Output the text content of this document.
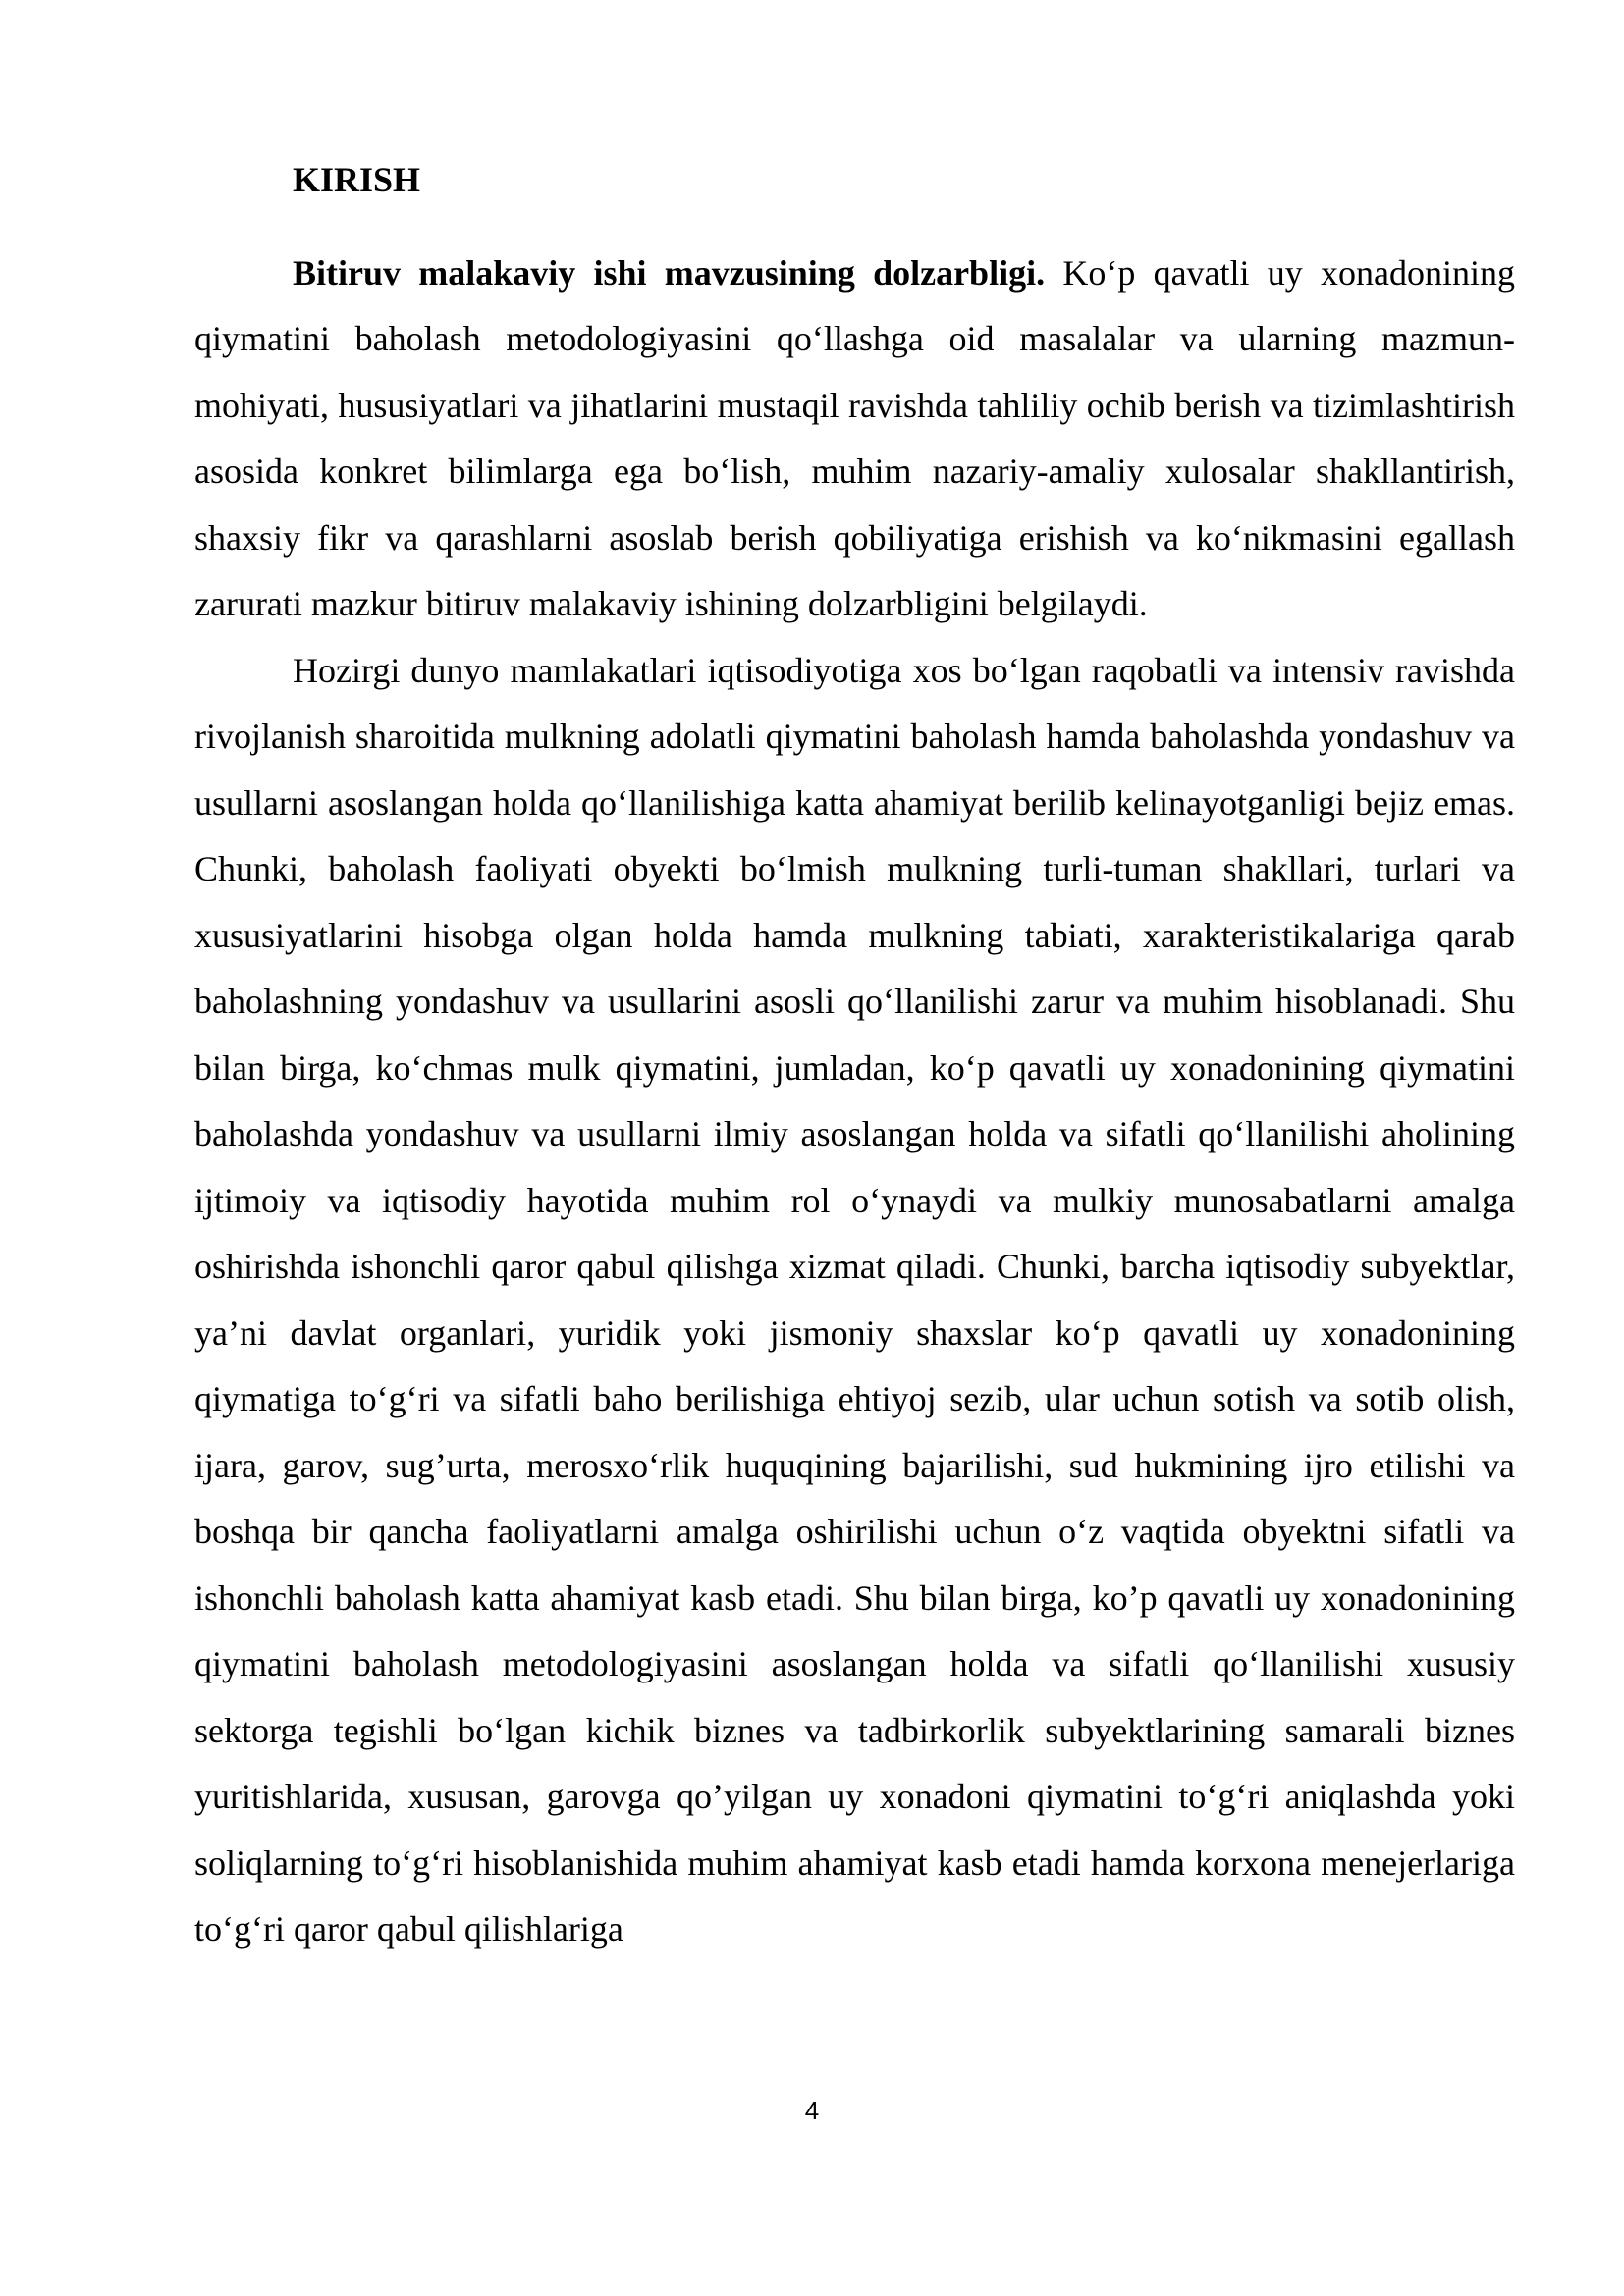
KIRISH

Bitiruv malakaviy ishi mavzusining dolzarbligi. Ko‘p qavatli uy xonadonining qiymatini baholash metodologiyasini qo‘llashga oid masalalar va ularning mazmun-mohiyati, hususiyatlari va jihatlarini mustaqil ravishda tahliliy ochib berish va tizimlashtirish asosida konkret bilimlarga ega bo‘lish, muhim nazariy-amaliy xulosalar shakllantirish, shaxsiy fikr va qarashlarni asoslab berish qobiliyatiga erishish va ko‘nikmasini egallash zarurati mazkur bitiruv malakaviy ishining dolzarbligini belgilaydi.

Hozirgi dunyo mamlakatlari iqtisodiyotiga xos bo‘lgan raqobatli va intensiv ravishda rivojlanish sharoitida mulkning adolatli qiymatini baholash hamda baholashda yondashuv va usullarni asoslangan holda qo‘llanilishiga katta ahamiyat berilib kelinayotganligi bejiz emas. Chunki, baholash faoliyati obyekti bo‘lmish mulkning turli-tuman shakllari, turlari va xususiyatlarini hisobga olgan holda hamda mulkning tabiati, xarakteristikalariga qarab baholashning yondashuv va usullarini asosli qo‘llanilishi zarur va muhim hisoblanadi. Shu bilan birga, ko‘chmas mulk qiymatini, jumladan, ko‘p qavatli uy xonadonining qiymatini baholashda yondashuv va usullarni ilmiy asoslangan holda va sifatli qo‘llanilishi aholining ijtimoiy va iqtisodiy hayotida muhim rol o‘ynaydi va mulkiy munosabatlarni amalga oshirishda ishonchli qaror qabul qilishga xizmat qiladi. Chunki, barcha iqtisodiy subyektlar, ya’ni davlat organlari, yuridik yoki jismoniy shaxslar ko‘p qavatli uy xonadonining qiymatiga to‘g‘ri va sifatli baho berilishiga ehtiyoj sezib, ular uchun sotish va sotib olish, ijara, garov, sug’urta, merosxo‘rlik huquqining bajarilishi, sud hukmining ijro etilishi va boshqa bir qancha faoliyatlarni amalga oshirilishi uchun o‘z vaqtida obyektni sifatli va ishonchli baholash katta ahamiyat kasb etadi. Shu bilan birga, ko’p qavatli uy xonadonining qiymatini baholash metodologiyasini asoslangan holda va sifatli qo‘llanilishi xususiy sektorga tegishli bo‘lgan kichik biznes va tadbirkorlik subyektlarining samarali biznes yuritishlarida, xususan, garovga qo’yilgan uy xonadoni qiymatini to‘g‘ri aniqlashda yoki soliqlarning to‘g‘ri hisoblanishida muhim ahamiyat kasb etadi hamda korxona menejerlariga to‘g‘ri qaror qabul qilishlariga

4
